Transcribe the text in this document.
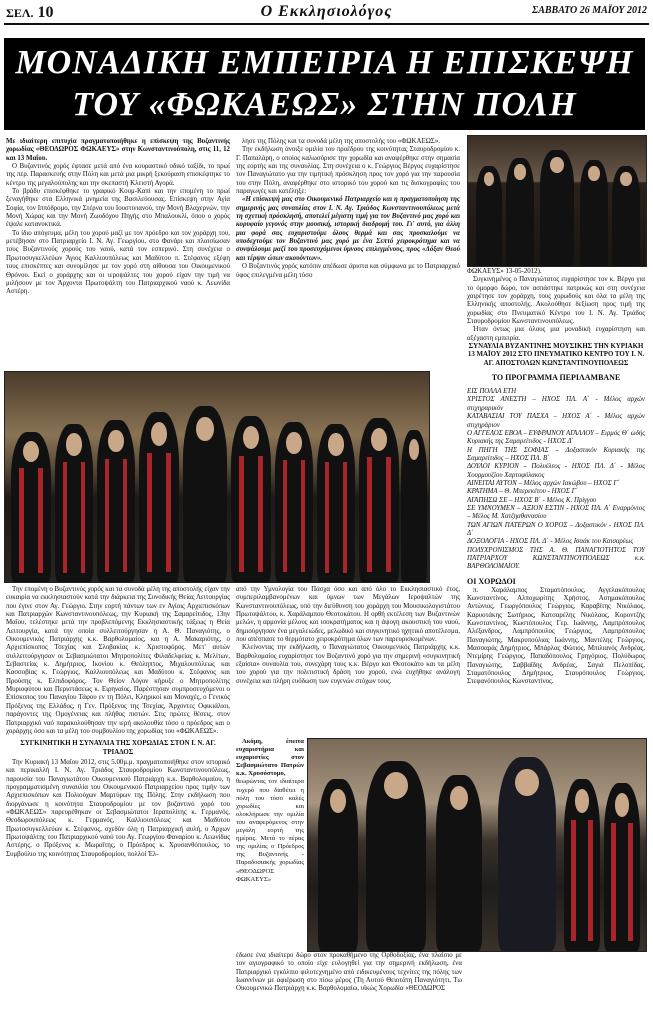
ΣΕΛ. 10	Ο Εκκλησιολόγος	ΣΑΒΒΑΤΟ 26 ΜΑΪΟΥ 2012
ΜΟΝΑΔΙΚΗ ΕΜΠΕΙΡΙΑ Η ΕΠΙΣΚΕΨΗ
ΤΟΥ «ΦΩΚΑΕΩΣ» ΣΤΗΝ ΠΟΛΗ

Με ιδιαίτερη επιτυχία πραγματοποιήθηκε η επίσκεψη της Βυζαντινής χορωδίας «ΘΕΟΔΩΡΟΣ ΦΩΚΑΕΥΣ» στην Κωνσταντινούπολη, στις 11, 12 και 13 Μαΐου.

Ο Βυζαντινός χορός έφτασε μετά από ένα κουραστικό οδικό ταξίδι, το πρωί της περ. Παρασκευής στην Πόλη και μετά μια μικρή ξεκούραση επισκέφτηκε το κέντρο της μεγαλούπολης και την σκεπαστή Κλειστή Αγορά.

Το βράδυ επισκέφθηκε το γραφικό Κουμ-Καπί και την επομένη το πρωί ξεναγήθηκε στα Ελληνικά μνημεία της Βασιλεύουσας. Επίσκεψη στην Αγία Σοφία, τον Ιππόδρομο, την Στέρνα του Ιουστινιανού, την Μονή Βλαχερνών, την Μονή Χώρας και την Μονή Ζωοδόχου Πηγής στο Μπαλουκλί, όπου ο χορός έψαλε κατανυκτικά.

Το ίδιο απόγευμα, μέλη του χορού μαζί με τον πρόεδρο και τον χοράρχη του, μετέβησαν στο Πατριαρχείο Ι. Ν. Αγ. Γεωργίου, στο Φανάρι και πλαισίωσαν τους Βυζαντινούς χορούς του ναού, κατά τον εσπερινό. Στη συνέχεια ο Πρωτοσυγκελλεύων Άγιος Καλλιουπόλεως και Μαδύτου π. Στέφανος εξέφη τους επισκέπτες και συνομίλησε με τον χορό στη αίθουσα του Οικουμενικού Θρόνου. Εκεί ο χοράρχης και οι ιεροψάλτες του χορού είχαν την τιμή να μιλήσουν με τον Άρχοντα Πρωτοψάλτη του Πατριαρχικού ναού κ. Λεωνίδα Αστέρη.

λησε της Πόλης και τα συνοδά μέλη της αποστολής του «ΦΩΚΑΕΩΣ».

Την εκδήλωση άνοιξε ομιλία του προέδρου της κοινότητας Σταυροδρομίου κ. Γ. Παπαλάρη, ο οποίος καλωσόρισε την χορωδία και αναφέρθηκε στην σημασία της εορτής και της συναυλίας. Στη συνέχεια ο κ. Γεώργιος Βέργος ευχαρίστησε τον Παναγιώτατο για την τιμητική πρόσκληση προς τον χορό για την παρουσία του στην Πόλη, αναφέρθηκε στο ιστορικό του χορού και τις δισκογραφίες του παραγωγές και κατέληξε:

«Η επίσκεψή μας στο Οικουμενικό Πατριαρχείο και η πραγματοποίηση της σημερινής μας συναυλίας στον Ι. Ν. Αγ. Τριάδος Κωνσταντινουπόλεως μετά τη σχετική πρόσκλησή, αποτελεί μέγιστη τιμή για τον Βυζαντινό μας χορό και κορυφαίο γεγονός στην μουσική, ιστορική διαδρομή του. Γι' αυτό, για άλλη μια φορά σας ευχαριστούμε όλους θερμά και σας προσκαλούμε να υποδεχτούμε τον Βυζαντινό μας χορό με ένα Σεπτό χειροκρότημα και να συνψάλουμε μαζί του προσευχόμενοι ύμνους επιλεγμένους, προς «Δόξαν Θεού και τέρψιν ώτων ακουόντων».

Ο Βυζαντινός χορός κατόπιν απέδωσε άριστα και σύμφωνα με το Πατριαρχικό ύφος επιλεγμένα μέλη τόσο	ΦΩΚΑΕΥΣ» 13-05-2012).

Συγκινημένος ο Παναγιώτατος ευχαρίστησε τον κ. Βέργο για το όμορφο δώρο, τον ασπάστηκε πατρικώς και στη συνέχεια χαιρέτησε τον χοράρχη, τους χορωδούς και όλα τα μέλη της Ελληνικής αποστολής. Ακολούθησε δεξίωση προς τιμή της χορωδίας στο Πνευματικό Κέντρο του Ι. Ν. Αγ. Τριάδος Σταυροδρομίου Κωνσταντινουπόλεως.

Ήταν όντως μια όλους μια μοναδική ευχαρίστηση και αξέχαστη εμπειρία.

ΣΥΝΑΥΛΙΑ ΒΥΖΑΝΤΙΝΗΣ ΜΟΥΣΙΚΗΣ ΤΗΝ ΚΥΡΙΑΚΗ 13 ΜΑΪΟΥ 2012 ΣΤΟ ΠΝΕΥΜΑΤΙΚΟ ΚΕΝΤΡΟ ΤΟΥ Ι. Ν. ΑΓ. ΑΠΟΣΤΟΛΩΝ ΚΩΝΣΤΑΝΤΙΝΟΥΠΟΛΕΩΣ

ΤΟ ΠΡΟΓΡΑΜΜΑ ΠΕΡΙΛΑΜΒΑΝΕ

ΕΙΣ ΠΟΛΛΑ ΕΤΗ

ΧΡΙΣΤΟΣ ΑΝΕΣΤΗ – ΗΧΟΣ ΠΛ. Α΄ - Μέλος αρχών στιχηραρικόν

ΚΑΤΑΒΑΣΙΑΙ ΤΟΥ ΠΑΣΧΑ – ΗΧΟΣ Α΄ - Μέλος αρχών στιχηράριον

Ο ΑΓΓΕΛΟΣ ΕΒΟΑ – ΕΥΦΡΑΙΝΟΥ ΑΓΑΛΛΟΥ – Ειρμός Θ΄ ωδής Κυριακής της Σαμαρείτιδος - ΗΧΟΣ Δ΄

Η ΠΗΓΗ ΤΗΣ ΣΟΦΙΑΣ – Δοξαστικόν Κυριακής της Σαμαρείτιδος – ΗΧΟΣ ΠΛ. Β΄

ΔΟΥΛΟΙ ΚΥΡΙΟΝ – Πολυέλεος - ΗΧΟΣ ΠΛ. Δ΄ - Μέλος Χουρμουζίου Χαρτοφύλακος

ΑΙΝΕΙΤΑΙ ΑΥΤΟΝ – Μέλος αρχών Ιακώβου – ΗΧΟΣ Γ΄

ΚΡΑΤΗΜΑ – Θ. Μπερεκέτου - ΗΧΟΣ Γ΄

ΑΓΑΠΗΣΩ ΣΕ – ΗΧΟΣ Β΄ - Μέλος Κ. Πρίγγου

ΣΕ ΥΜΝΟΥΜΕΝ – ΑΞΙΟΝ ΕΣΤΙΝ - ΗΧΟΣ ΠΛ. Α΄ Εναρμόνιος – Μέλος Μ. Χατζηαθανασίου

ΤΩΝ ΑΓΙΩΝ ΠΑΤΕΡΩΝ Ο ΧΟΡΟΣ – Δοξαστικόν - ΗΧΟΣ ΠΛ. Δ΄

ΔΟΞΟΛΟΓΙΑ - ΗΧΟΣ ΠΛ. Δ΄ - Μέλος Ισαάκ του Καισαρέως

ΠΟΛΥΧΡΟΝΙΣΜΟΣ ΤΗΣ Α. Θ. ΠΑΝΑΓΙΟΤΗΤΟΣ ΤΟΥ ΠΑΤΡΙΑΡΧΟΥ ΚΩΝΣΤΑΝΤΙΝΟΥΠΟΛΕΩΣ κ.κ. ΒΑΡΘΟΛΟΜΑΙΟΥ.

ΟΙ ΧΟΡΩΔΟΙ

π. Χαράλαμπος Σταματόπουλος, Αγγελακόπουλος Κωνσταντίνος, Αλποχωρίτης Χρήστος, Ασημακόπουλος Αντώνιος, Γεωργόπουλος Γεώργιος, Καραβίτης Νικόλαος, Καρυοτάκης Σωτήριος, Κατσαρέλης Νικόλαος, Κοροντζής Κωνσταντίνος, Κωστόπουλος Γερ. Ιωάννης, Λαμπρόπουλος Αλέξανδρος, Λαμπρόπουλος Γεώργιος, Λαμπρόπουλος Παναγιώτης, Μακρυπούλιας Ιωάννης, Μαντέλης Γεώργιος, Μασσαράς Δημήτριος, Μπάρλας Φώτιος, Μπιλιανός Ανδρέας, Ντεμίρης Γεώργιος, Παπαδόπουλος Γρηγόριος, Πολύδωρος Παναγιώτης, Σαββαΐδης Ανδρέας, Σαγιά Πελοπίδας, Σταματόπουλος Δημήτριος, Σταυρόπουλος Γεώργιος, Στεφανόπουλος Κωνσταντίνος.

Την επομένη ο Βυζαντινός χορός και τα συνοδά μέλη της αποστολής είχαν την ευκαιρία να εκκλησιαστούν κατά την διάρκεια της Συνοδικής Θείας Λειτουργίας που έγινε στον Αγ. Γεώργιο. Στην εορτή πάντων των εν Αγίοις Αρχιεπισκόπων και Πατριαρχών Κωνσταντινουπόλεως, την Κυριακή της Σαμαρείτιδος, 13ην Μαΐου, τελέστηκε μετά την προβλεπόμενης Εκκλησιαστικής τάξεως η Θεία Λειτουργία, κατά την οποία συλλειτούργησαν η Α. Θ. Παναγιότης, ο Οικουμενικός Πατριάρχης κ.κ. Βαρθολομαίος, και η Α. Μακαριότης, ο Αρχιεπίσκοπος Τσεχίας και Σλοβακίας κ. Χριστοφόρος. Μετ' αυτών συλλειτούργησαν οι Σεβασμιώτατοι Μητροπολίτες Φιλαδελφείας κ. Μελίτων, Σεβαστείας κ. Δημήτριος, Ικονίου κ. Θεόληπτος, Μιχαλουπόλεως και Κασσοβίας κ. Γεώργιος, Καλλιουπόλεως και Μαδύτου κ. Στέφανος και Προύσης κ. Ελπιδοφόρος. Τον Θείον Λόγον κήρυξε ο Μητροπολίτης Μυριοφύτου και Περιστάσεως κ. Ειρηναίος. Παρέστησαν συμπροσευχόμενοι ο Επίσκοπος του Παναγίου Τάφου εν τη Πόλει, Κληρικοί και Μοναχές, ο Γενικός Πρόξενος της Ελλάδος, η Γεν. Πρόξενος της Τσεχίας, Άρχοντες Οφικιάλιοι, παράγοντες της Ομογένειας και πλήθος πιστών. Στις πρώτες θέσεις, στον Πατριαρχικό ναό παρακολούθησαν την ιερή ακολουθία τόσο ο πρόεδρος και ο χοράρχης όσο και τα μέλη του συμβουλίου της χορωδίας του «ΦΩΚΑΕΩΣ».

ΣΥΓΚΙΝΗΤΙΚΗ Η ΣΥΝΑΥΛΙΑ ΤΗΣ ΧΟΡΩΔΙΑΣ ΣΤΟΝ Ι. Ν. ΑΓ. ΤΡΙΑΔΟΣ

Την Κυριακή 13 Μαΐου 2012, στις 5.00μ.μ. πραγματοποιήθηκε στον ιστορικό και περικαλλή Ι. Ν. Αγ. Τριάδος Σταυροδρομίου Κωνσταντινουπόλεως, παρουσία του Παναγιωτάτου Οικουμενικού Πατριάρχη κ.κ. Βαρθολομαίου, η προγραμματισμένη συναυλία του Οικουμενικού Πατριαρχείου προς τιμήν των Αρχιεπισκόπων και Πολιούχων Μαρτύρων της Πόλης. Στην εκδήλωση που διοργάνωσε η κοινότητα Σταυροδρομίου με τον βυζαντινό χορό του «ΦΩΚΑΕΩΣ» παρευρέθηκαν οι Σεβασμιώτατοι Ιεραπολίτης κ. Γερμανός, Θεοδωρουπόλεως κ. Γερμανός, Καλλιουπόλεως και Μαδύτου Πρωτοσυγκελλεύων κ. Στέφανος, σχεδόν όλη η Πατριαρχική αυλή, ο Άρχων Πρωτοψάλτης του Πατριαρχικού ναού του Αγ. Γεωργίου Φαναρίου κ. Λεωνίδας Αστέρης, ο Πρόξενος κ. Μωραΐτης, ο Πρόεδρος κ. Χρυσανθόπουλος, το Συμβούλιο της κοινότητας Σταυροδρομίου, πολλοί Έλ-

από την Υμνολογία του Πάσχα όσο και από όλο το Εκκλησιαστικό έτος, συμπεριλαμβανομένων και ύμνων των Μεγάλων Ιεροψαλτών της Κωνσταντινουπόλεως, υπό την διεύθυνση του χοράρχη του Μουσικολογιστάτου Πρωτοψάλτου, κ. Χαράλαμπου Θεοτοκάτου. Η ορθή εκτέλεση των Βυζαντινών μελών, η αρμονία μέλους και ισοκρατήματος και η άψογη ακουστική του ναού, δημιούργησαν ένα μεγαλειώδες, μελωδικό και συγκινητικό ηχητικό αποτέλεσμα, που απέσπασε το θερμότατο χειροκρότημα όλων των παρευρισκομένων.

Κλείνοντας την εκδήλωση, ο Παναγιώτατος Οικουμενικός Πατριάρχης κ.κ. Βαρθολομαίος ευχαρίστησε τον Βυζαντινό χορό για την σημερινή «συγκινητική εξαίσια» συναυλία του, συνεχάρη τους κ.κ. Βέργο και Θεοτοκάτο και τα μέλη του χορού για την πολιτιστική δράση του χορού, ενώ ευχήθηκε ανάλογη συνέχεια και πλήρη ευόδωση των ευγενών στόχων τους.

Ακόμη, έπειτα ευχαριστήρια και ευχαριστίες στον Σεβασμιώτατο Πατρών κ.κ. Χρυσόστομο,

θεωρώντας τον ιδιαίτερα τυχερό που διαθέτει η πόλη του τόσο καλές χορωδίες και ολοκλήρωσε την ομιλία του αναφερόμενος στην μεγάλη εορτή της ημέρας. Μετά το πέρας της ομιλίας ο Πρόεδρος της Βυζαντινής - Παραδοσιακής χορωδίας «ΘΕΟΔΩΡΟΣ ΦΩΚΑΕΥΣ»

έδωσε ένα ιδιαίτερο δώρο στον προκαθήμενο της Ορθοδοξίας, ένα πλαίσιο με τον αγιογραφικό το οποίο είχε ευλογηθεί για την σημερινή εκδήλωση, ένα Πατριαρχικό εγκόλπιο φιλοτεχνημένο από ειδικευμένους τεχνίτες της πόλης των Ιωαννίνων με αφιέρωση στο πίσω μέρος (Τη Αυτού Θειοτάτη Παναγιότητι, Τω Οικουμενικώ Πατριάρχη κ.κ. Βαρθολομαίω, υϊκώς Χορωδία «ΘΕΟΔΩΡΟΣ
